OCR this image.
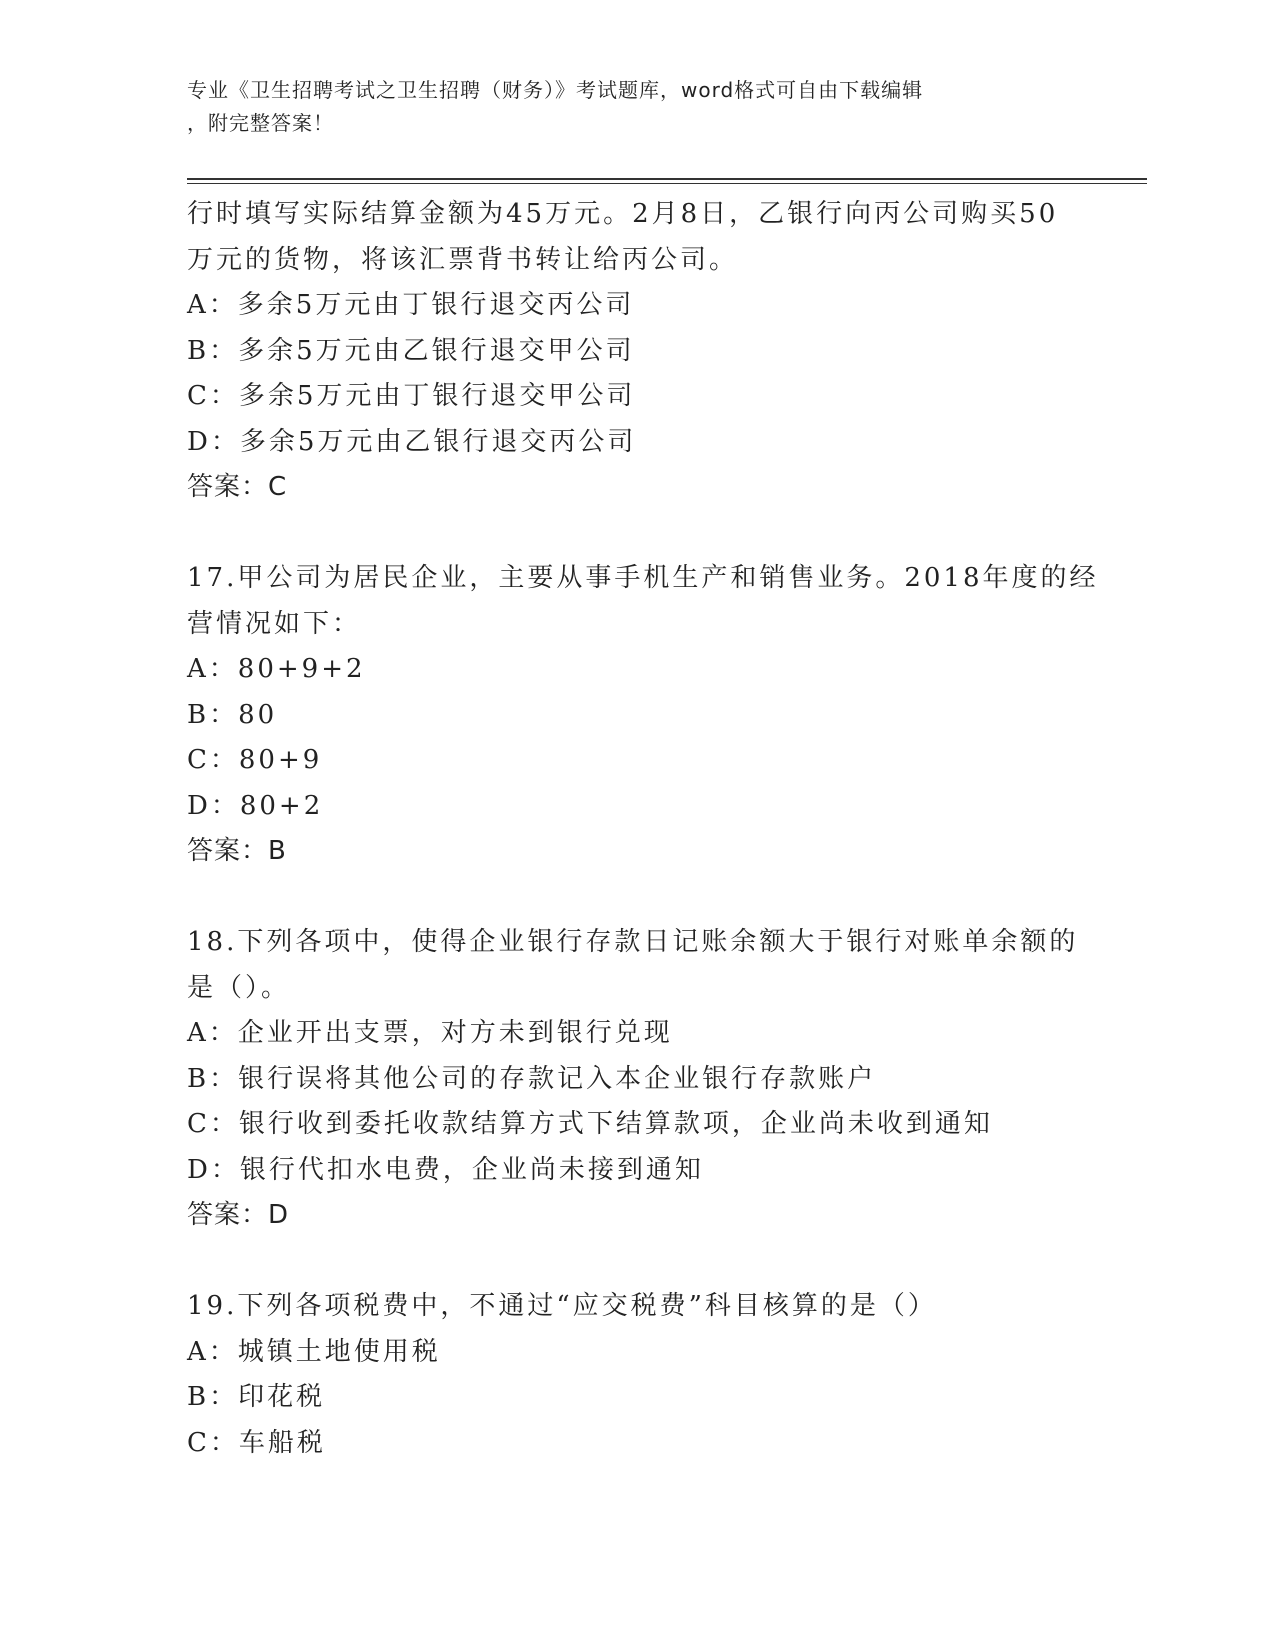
专业《卫生招聘考试之卫生招聘（财务）》考试题库，word格式可自由下载编辑
，附完整答案！
行时填写实际结算金额为45万元。2月8日，乙银行向丙公司购买50
万元的货物，将该汇票背书转让给丙公司。
A：多余5万元由丁银行退交丙公司
B：多余5万元由乙银行退交甲公司
C：多余5万元由丁银行退交甲公司
D：多余5万元由乙银行退交丙公司
答案：C
17.甲公司为居民企业，主要从事手机生产和销售业务。2018年度的经
营情况如下：
A：80+9+2
B：80
C：80+9
D：80+2
答案：B
18.下列各项中，使得企业银行存款日记账余额大于银行对账单余额的
是（）。
A：企业开出支票，对方未到银行兑现
B：银行误将其他公司的存款记入本企业银行存款账户
C：银行收到委托收款结算方式下结算款项，企业尚未收到通知
D：银行代扣水电费，企业尚未接到通知
答案：D
19.下列各项税费中，不通过“应交税费”科目核算的是（）
A：城镇土地使用税
B：印花税
C：车船税
